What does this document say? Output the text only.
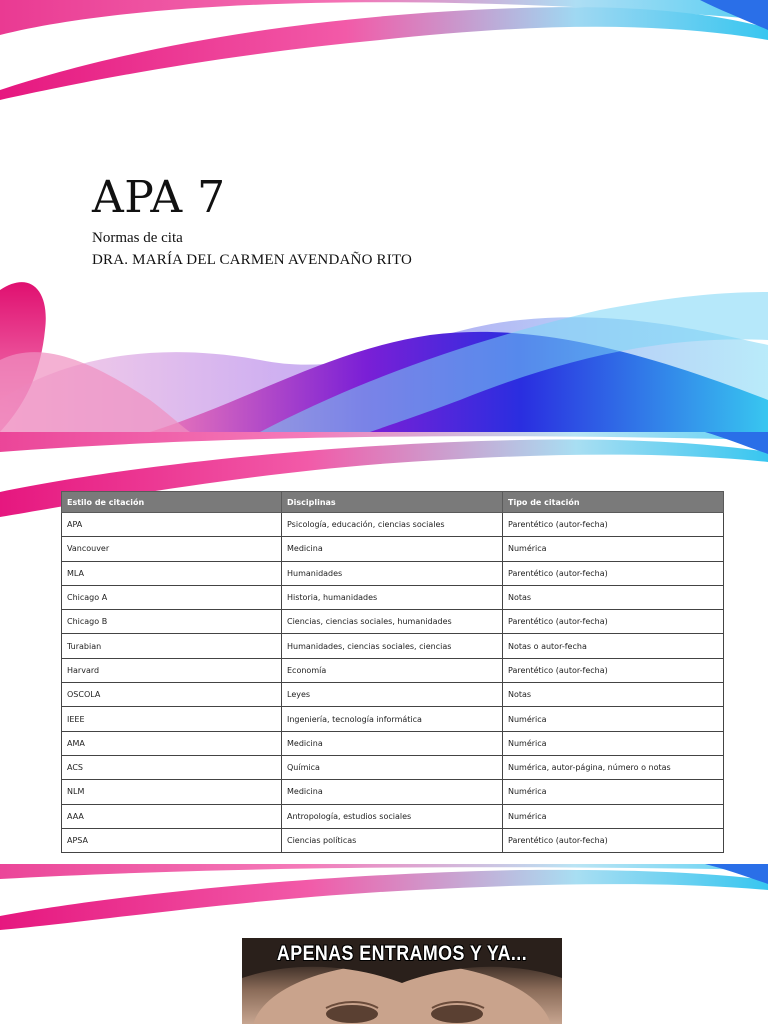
APA 7
Normas de cita
DRA. MARÍA DEL CARMEN AVENDAÑO RITO
Estilo de citación	Disciplinas	Tipo de citación
APA	Psicología, educación, ciencias sociales	Parentético (autor-fecha)
Vancouver	Medicina	Numérica
MLA	Humanidades	Parentético (autor-fecha)
Chicago A	Historia, humanidades	Notas
Chicago B	Ciencias, ciencias sociales, humanidades	Parentético (autor-fecha)
Turabian	Humanidades, ciencias sociales, ciencias	Notas o autor-fecha
Harvard	Economía	Parentético (autor-fecha)
OSCOLA	Leyes	Notas
IEEE	Ingeniería, tecnología informática	Numérica
AMA	Medicina	Numérica
ACS	Química	Numérica, autor-página, número o notas
NLM	Medicina	Numérica
AAA	Antropología, estudios sociales	Numérica
APSA	Ciencias políticas	Parentético (autor-fecha)
APENAS ENTRAMOS Y YA...
